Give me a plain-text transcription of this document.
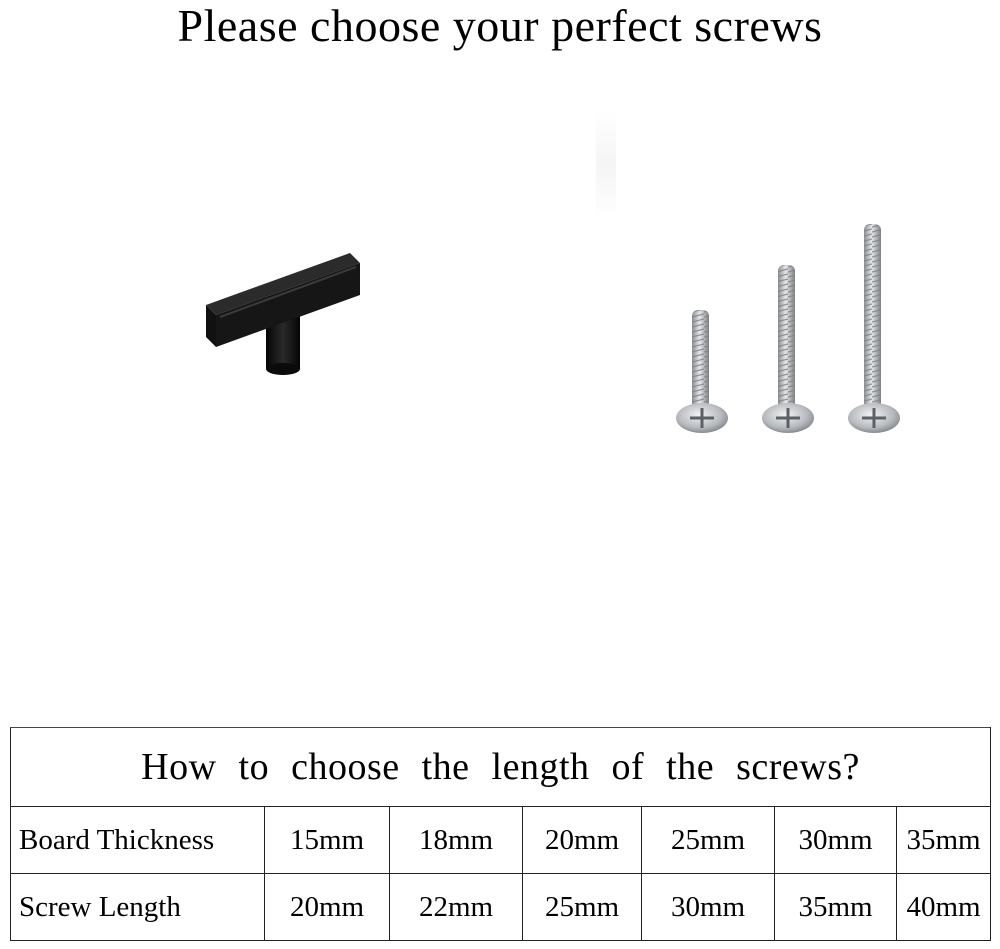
Please choose your perfect screws
How to choose the length of the screws?						
Board Thickness	15mm	18mm	20mm	25mm	30mm	35mm
Screw Length	20mm	22mm	25mm	30mm	35mm	40mm
